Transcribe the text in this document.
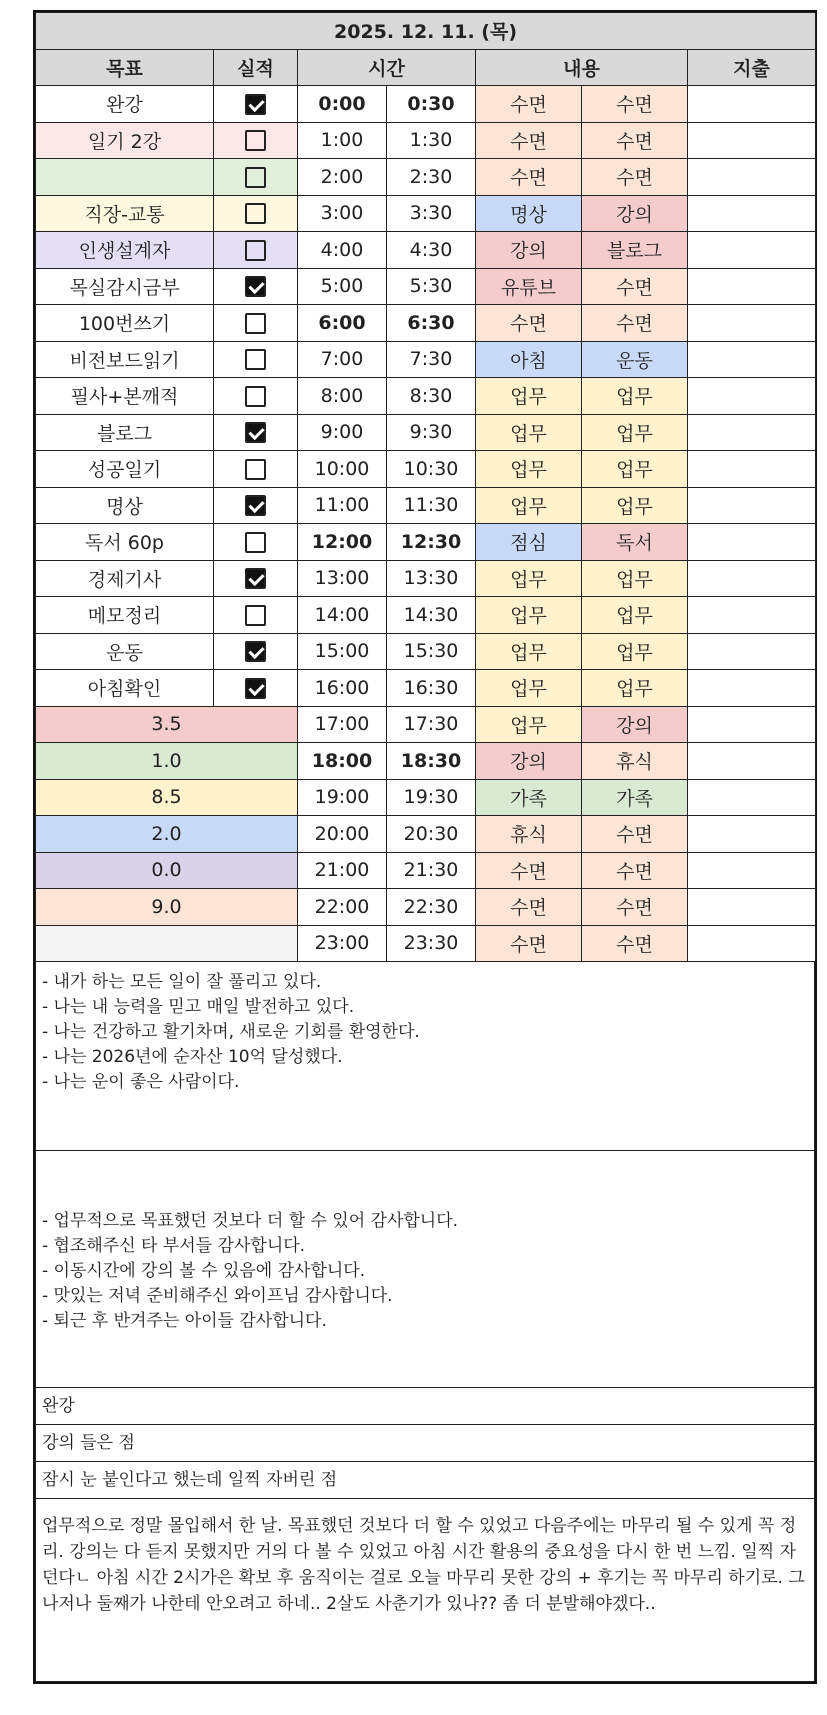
2025. 12. 11. (목)						
목표	실적	시간		내용		지출
완강		0:00	0:30	수면	수면	
일기 2강		1:00	1:30	수면	수면	
		2:00	2:30	수면	수면	
직장-교통		3:00	3:30	명상	강의	
인생설계자		4:00	4:30	강의	블로그	
목실감시금부		5:00	5:30	유튜브	수면	
100번쓰기		6:00	6:30	수면	수면	
비전보드읽기		7:00	7:30	아침	운동	
필사+본깨적		8:00	8:30	업무	업무	
블로그		9:00	9:30	업무	업무	
성공일기		10:00	10:30	업무	업무	
명상		11:00	11:30	업무	업무	
독서 60p		12:00	12:30	점심	독서	
경제기사		13:00	13:30	업무	업무	
메모정리		14:00	14:30	업무	업무	
운동		15:00	15:30	업무	업무	
아침확인		16:00	16:30	업무	업무	
3.5		17:00	17:30	업무	강의	
1.0		18:00	18:30	강의	휴식	
8.5		19:00	19:30	가족	가족	
2.0		20:00	20:30	휴식	수면	
0.0		21:00	21:30	수면	수면	
9.0		22:00	22:30	수면	수면	
		23:00	23:30	수면	수면	
- 내가 하는 모든 일이 잘 풀리고 있다.
- 나는 내 능력을 믿고 매일 발전하고 있다.
- 나는 건강하고 활기차며, 새로운 기회를 환영한다.
- 나는 2026년에 순자산 10억 달성했다.
- 나는 운이 좋은 사람이다.
- 업무적으로 목표했던 것보다 더 할 수 있어 감사합니다.
- 협조해주신 타 부서들 감사합니다.
- 이동시간에 강의 볼 수 있음에 감사합니다.
- 맛있는 저녁 준비해주신 와이프님 감사합니다.
- 퇴근 후 반겨주는 아이들 감사합니다.
완강
강의 들은 점
잠시 눈 붙인다고 했는데 일찍 자버린 점
업무적으로 정말 몰입해서 한 날. 목표했던 것보다 더 할 수 있었고 다음주에는 마무리 될 수 있게 꼭 정리. 강의는 다 듣지 못했지만 거의 다 볼 수 있었고 아침 시간 활용의 중요성을 다시 한 번 느낌. 일찍 자던다ㄴ 아침 시간 2시가은 확보 후 움직이는 걸로 오늘 마무리 못한 강의 + 후기는 꼭 마무리 하기로. 그나저나 둘째가 나한테 안오려고 하네.. 2살도 사춘기가 있나?? 좀 더 분발해야겠다..
